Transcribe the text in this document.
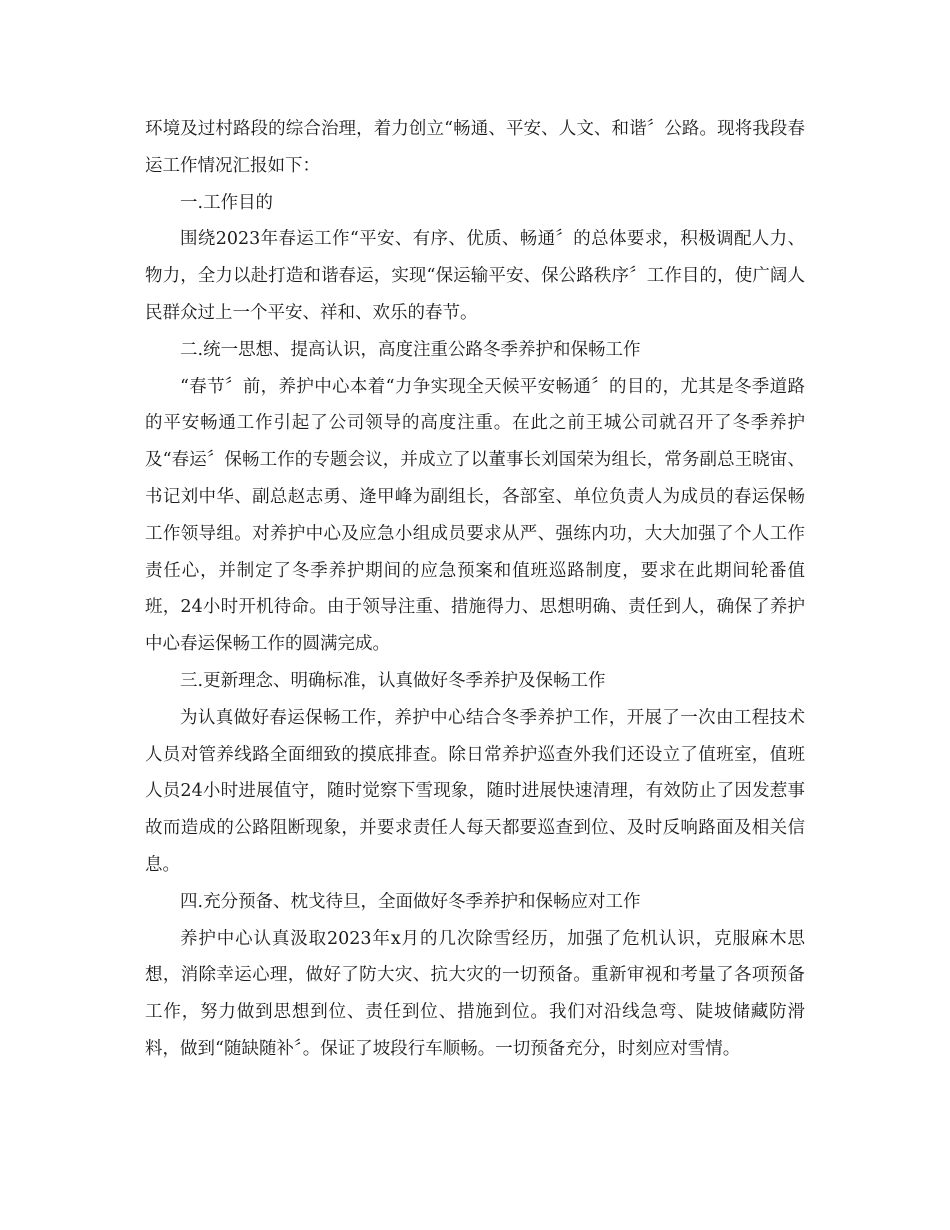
环境及过村路段的综合治理，着力创立“畅通、平安、人文、和谐〞公路。现将我段春运工作情况汇报如下：

一.工作目的

围绕2023年春运工作“平安、有序、优质、畅通〞的总体要求，积极调配人力、物力，全力以赴打造和谐春运，实现“保运输平安、保公路秩序〞工作目的，使广阔人民群众过上一个平安、祥和、欢乐的春节。

二.统一思想、提高认识，高度注重公路冬季养护和保畅工作

“春节〞前，养护中心本着“力争实现全天候平安畅通〞的目的，尤其是冬季道路的平安畅通工作引起了公司领导的高度注重。在此之前王城公司就召开了冬季养护及“春运〞保畅工作的专题会议，并成立了以董事长刘国荣为组长，常务副总王晓宙、书记刘中华、副总赵志勇、逄甲峰为副组长，各部室、单位负责人为成员的春运保畅工作领导组。对养护中心及应急小组成员要求从严、强练内功，大大加强了个人工作责任心，并制定了冬季养护期间的应急预案和值班巡路制度，要求在此期间轮番值班，24小时开机待命。由于领导注重、措施得力、思想明确、责任到人，确保了养护中心春运保畅工作的圆满完成。

三.更新理念、明确标准，认真做好冬季养护及保畅工作

为认真做好春运保畅工作，养护中心结合冬季养护工作，开展了一次由工程技术人员对管养线路全面细致的摸底排查。除日常养护巡查外我们还设立了值班室，值班人员24小时进展值守，随时觉察下雪现象，随时进展快速清理，有效防止了因发惹事故而造成的公路阻断现象，并要求责任人每天都要巡查到位、及时反响路面及相关信息。

四.充分预备、枕戈待旦，全面做好冬季养护和保畅应对工作

养护中心认真汲取2023年x月的几次除雪经历，加强了危机认识，克服麻木思想，消除幸运心理，做好了防大灾、抗大灾的一切预备。重新审视和考量了各项预备工作，努力做到思想到位、责任到位、措施到位。我们对沿线急弯、陡坡储藏防滑料，做到“随缺随补〞。保证了坡段行车顺畅。一切预备充分，时刻应对雪情。
